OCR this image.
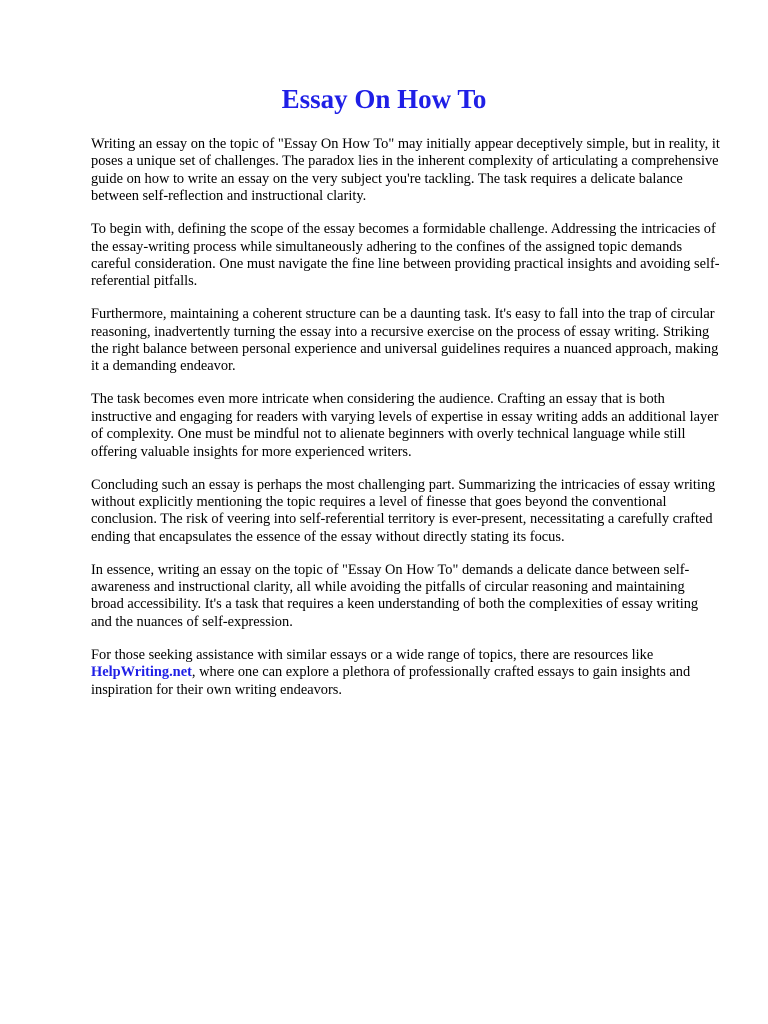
Essay On How To

Writing an essay on the topic of "Essay On How To" may initially appear deceptively simple, but in reality, it poses a unique set of challenges. The paradox lies in the inherent complexity of articulating a comprehensive guide on how to write an essay on the very subject you're tackling. The task requires a delicate balance between self-reflection and instructional clarity.

To begin with, defining the scope of the essay becomes a formidable challenge. Addressing the intricacies of the essay-writing process while simultaneously adhering to the confines of the assigned topic demands careful consideration. One must navigate the fine line between providing practical insights and avoiding self-referential pitfalls.

Furthermore, maintaining a coherent structure can be a daunting task. It's easy to fall into the trap of circular reasoning, inadvertently turning the essay into a recursive exercise on the process of essay writing. Striking the right balance between personal experience and universal guidelines requires a nuanced approach, making it a demanding endeavor.

The task becomes even more intricate when considering the audience. Crafting an essay that is both instructive and engaging for readers with varying levels of expertise in essay writing adds an additional layer of complexity. One must be mindful not to alienate beginners with overly technical language while still offering valuable insights for more experienced writers.

Concluding such an essay is perhaps the most challenging part. Summarizing the intricacies of essay writing without explicitly mentioning the topic requires a level of finesse that goes beyond the conventional conclusion. The risk of veering into self-referential territory is ever-present, necessitating a carefully crafted ending that encapsulates the essence of the essay without directly stating its focus.

In essence, writing an essay on the topic of "Essay On How To" demands a delicate dance between self-awareness and instructional clarity, all while avoiding the pitfalls of circular reasoning and maintaining broad accessibility. It's a task that requires a keen understanding of both the complexities of essay writing and the nuances of self-expression.

For those seeking assistance with similar essays or a wide range of topics, there are resources like HelpWriting.net, where one can explore a plethora of professionally crafted essays to gain insights and inspiration for their own writing endeavors.
